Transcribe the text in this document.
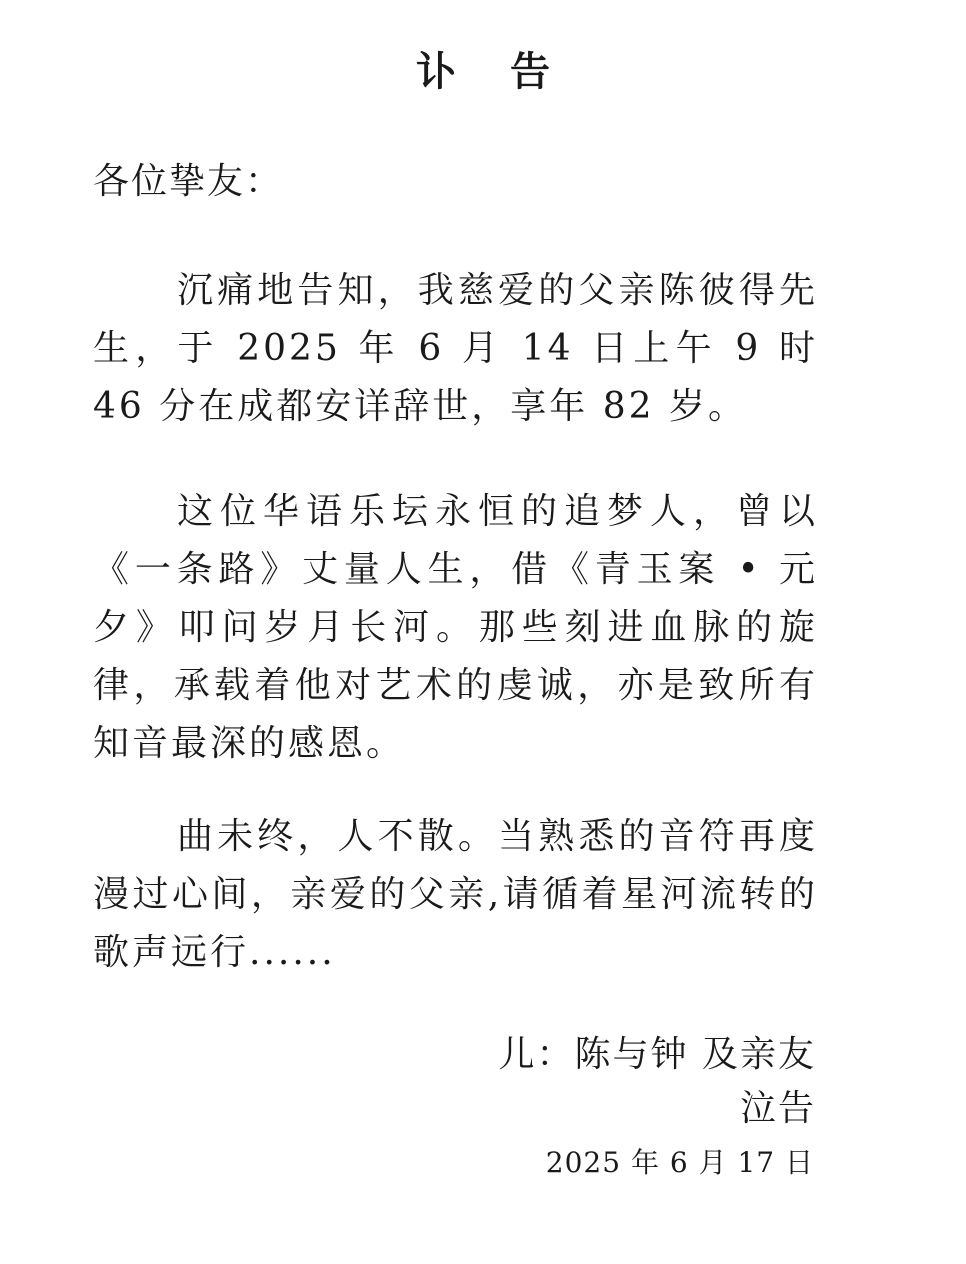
讣 告
各位挚友：

沉痛地告知，我慈爱的父亲陈彼得先生，于 2025 年 6 月 14 日上午 9 时 46 分在成都安详辞世，享年 82 岁。

这位华语乐坛永恒的追梦人，曾以《一条路》丈量人生，借《青玉案 • 元夕》叩问岁月长河。那些刻进血脉的旋律，承载着他对艺术的虔诚，亦是致所有知音最深的感恩。

曲未终，人不散。当熟悉的音符再度漫过心间，亲爱的父亲,请循着星河流转的歌声远行......

儿：陈与钟 及亲友
泣告
2025 年 6 月 17 日
